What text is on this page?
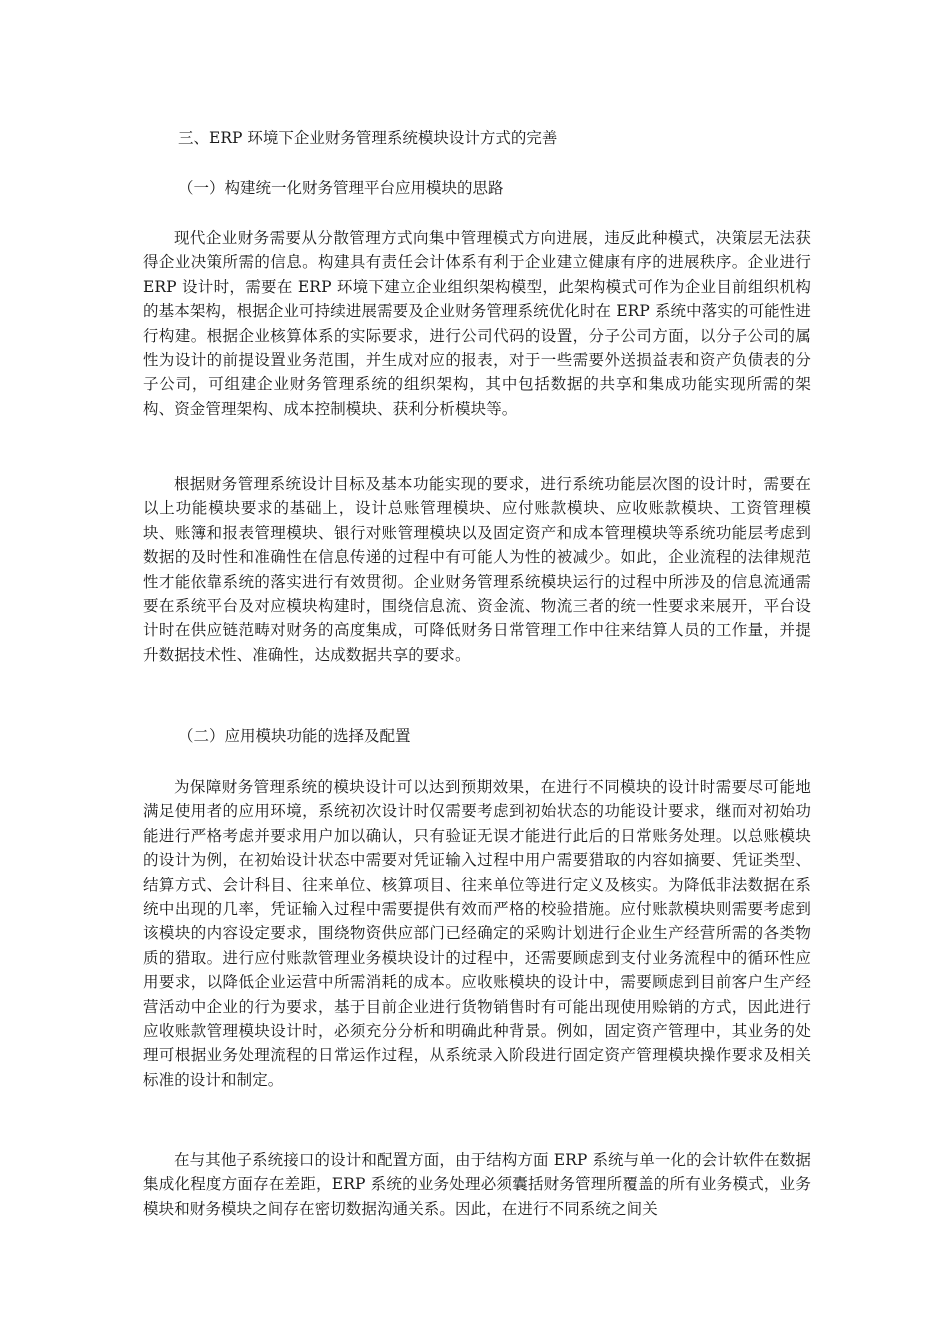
三、ERP 环境下企业财务管理系统模块设计方式的完善

（一）构建统一化财务管理平台应用模块的思路

现代企业财务需要从分散管理方式向集中管理模式方向进展，违反此种模式，决策层无法获得企业决策所需的信息。构建具有责任会计体系有利于企业建立健康有序的进展秩序。企业进行 ERP 设计时，需要在 ERP 环境下建立企业组织架构模型，此架构模式可作为企业目前组织机构的基本架构，根据企业可持续进展需要及企业财务管理系统优化时在 ERP 系统中落实的可能性进行构建。根据企业核算体系的实际要求，进行公司代码的设置，分子公司方面，以分子公司的属性为设计的前提设置业务范围，并生成对应的报表，对于一些需要外送损益表和资产负债表的分子公司，可组建企业财务管理系统的组织架构，其中包括数据的共享和集成功能实现所需的架构、资金管理架构、成本控制模块、获利分析模块等。

根据财务管理系统设计目标及基本功能实现的要求，进行系统功能层次图的设计时，需要在以上功能模块要求的基础上，设计总账管理模块、应付账款模块、应收账款模块、工资管理模块、账簿和报表管理模块、银行对账管理模块以及固定资产和成本管理模块等系统功能层考虑到数据的及时性和准确性在信息传递的过程中有可能人为性的被减少。如此，企业流程的法律规范性才能依靠系统的落实进行有效贯彻。企业财务管理系统模块运行的过程中所涉及的信息流通需要在系统平台及对应模块构建时，围绕信息流、资金流、物流三者的统一性要求来展开，平台设计时在供应链范畴对财务的高度集成，可降低财务日常管理工作中往来结算人员的工作量，并提升数据技术性、准确性，达成数据共享的要求。

（二）应用模块功能的选择及配置

为保障财务管理系统的模块设计可以达到预期效果，在进行不同模块的设计时需要尽可能地满足使用者的应用环境，系统初次设计时仅需要考虑到初始状态的功能设计要求，继而对初始功能进行严格考虑并要求用户加以确认，只有验证无误才能进行此后的日常账务处理。以总账模块的设计为例，在初始设计状态中需要对凭证输入过程中用户需要猎取的内容如摘要、凭证类型、结算方式、会计科目、往来单位、核算项目、往来单位等进行定义及核实。为降低非法数据在系统中出现的几率，凭证输入过程中需要提供有效而严格的校验措施。应付账款模块则需要考虑到该模块的内容设定要求，围绕物资供应部门已经确定的采购计划进行企业生产经营所需的各类物质的猎取。进行应付账款管理业务模块设计的过程中，还需要顾虑到支付业务流程中的循环性应用要求，以降低企业运营中所需消耗的成本。应收账模块的设计中，需要顾虑到目前客户生产经营活动中企业的行为要求，基于目前企业进行货物销售时有可能出现使用赊销的方式，因此进行应收账款管理模块设计时，必须充分分析和明确此种背景。例如，固定资产管理中，其业务的处理可根据业务处理流程的日常运作过程，从系统录入阶段进行固定资产管理模块操作要求及相关标准的设计和制定。

在与其他子系统接口的设计和配置方面，由于结构方面 ERP 系统与单一化的会计软件在数据集成化程度方面存在差距，ERP 系统的业务处理必须囊括财务管理所覆盖的所有业务模式，业务模块和财务模块之间存在密切数据沟通关系。因此，在进行不同系统之间关
